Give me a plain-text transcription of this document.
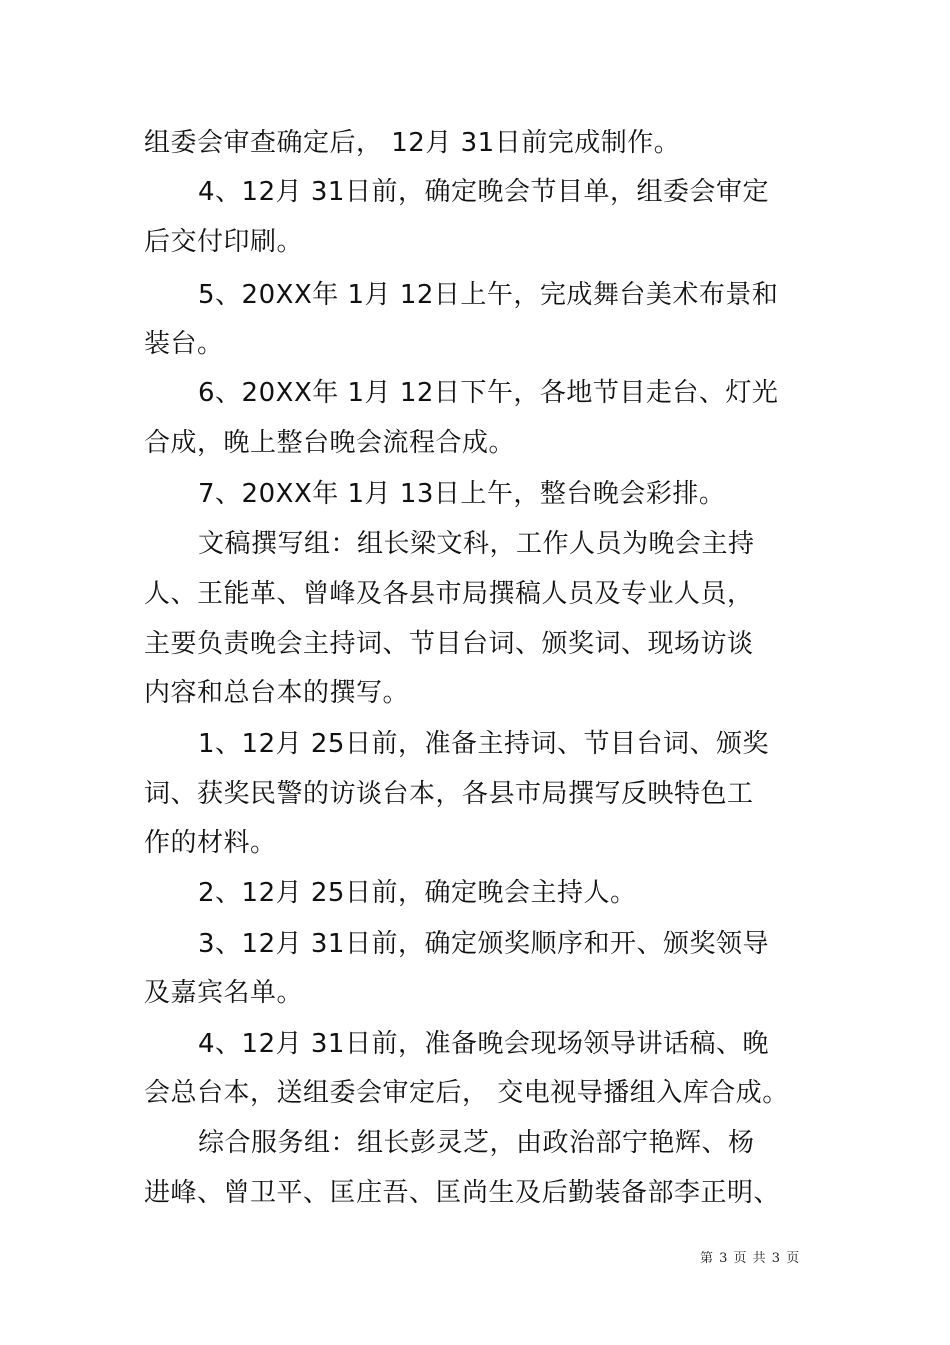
组委会审查确定后， 12月 31日前完成制作。
4、12月 31日前，确定晚会节目单，组委会审定
后交付印刷。
5、20XX年 1月 12日上午，完成舞台美术布景和
装台。
6、20XX年 1月 12日下午，各地节目走台、灯光
合成，晚上整台晚会流程合成。
7、20XX年 1月 13日上午，整台晚会彩排。
文稿撰写组：组长梁文科，工作人员为晚会主持
人、王能革、曾峰及各县市局撰稿人员及专业人员，
主要负责晚会主持词、节目台词、颁奖词、现场访谈
内容和总台本的撰写。
1、12月 25日前，准备主持词、节目台词、颁奖
词、获奖民警的访谈台本，各县市局撰写反映特色工
作的材料。
2、12月 25日前，确定晚会主持人。
3、12月 31日前，确定颁奖顺序和开、颁奖领导
及嘉宾名单。
4、12月 31日前，准备晚会现场领导讲话稿、晚
会总台本，送组委会审定后， 交电视导播组入库合成。
综合服务组：组长彭灵芝，由政治部宁艳辉、杨
进峰、曾卫平、匡庄吾、匡尚生及后勤装备部李正明、
第 3 页 共 3 页
